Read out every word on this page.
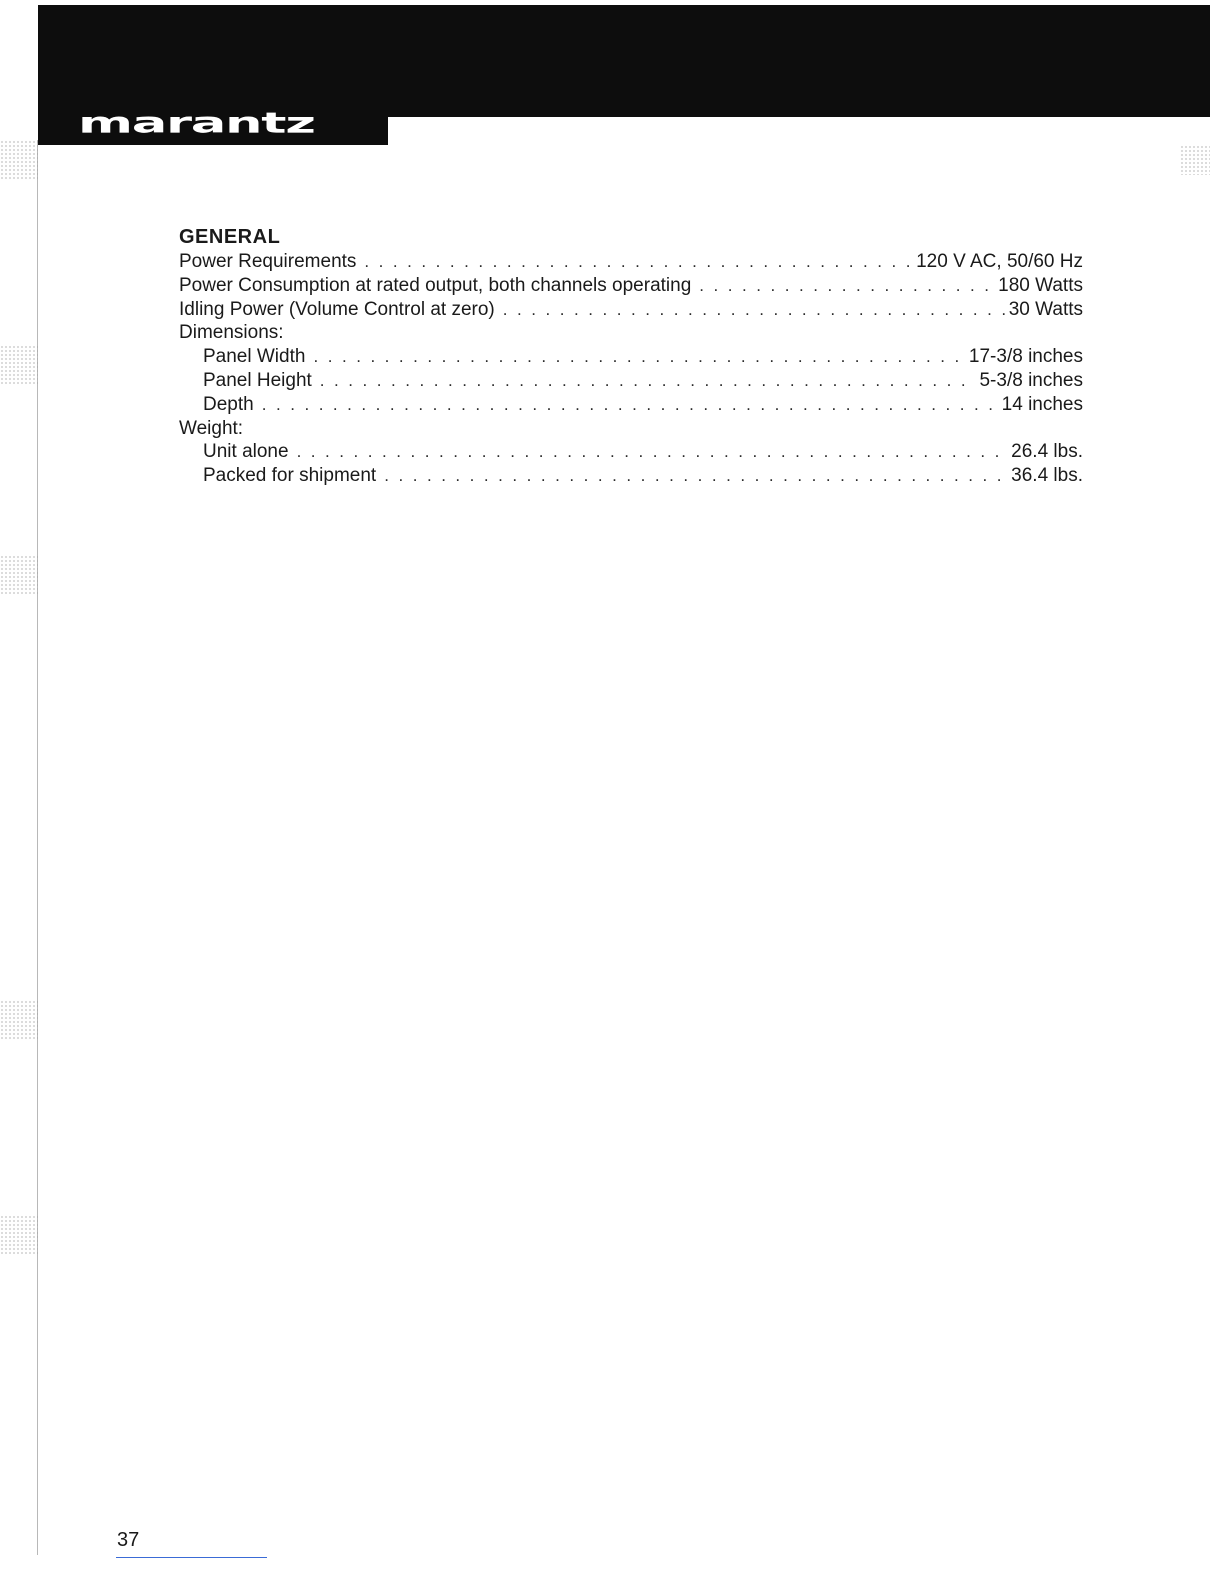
marantz
GENERAL
Power Requirements . . .	120 V AC, 50/60 Hz
Power Consumption at rated output, both channels operating . . .	180 Watts
Idling Power (Volume Control at zero) . . .	30 Watts
Dimensions:
Panel Width . . .	17-3/8 inches
Panel Height . . .	5-3/8 inches
Depth . . .	14 inches
Weight:
Unit alone . . .	26.4 lbs.
Packed for shipment . . .	36.4 lbs.
37
